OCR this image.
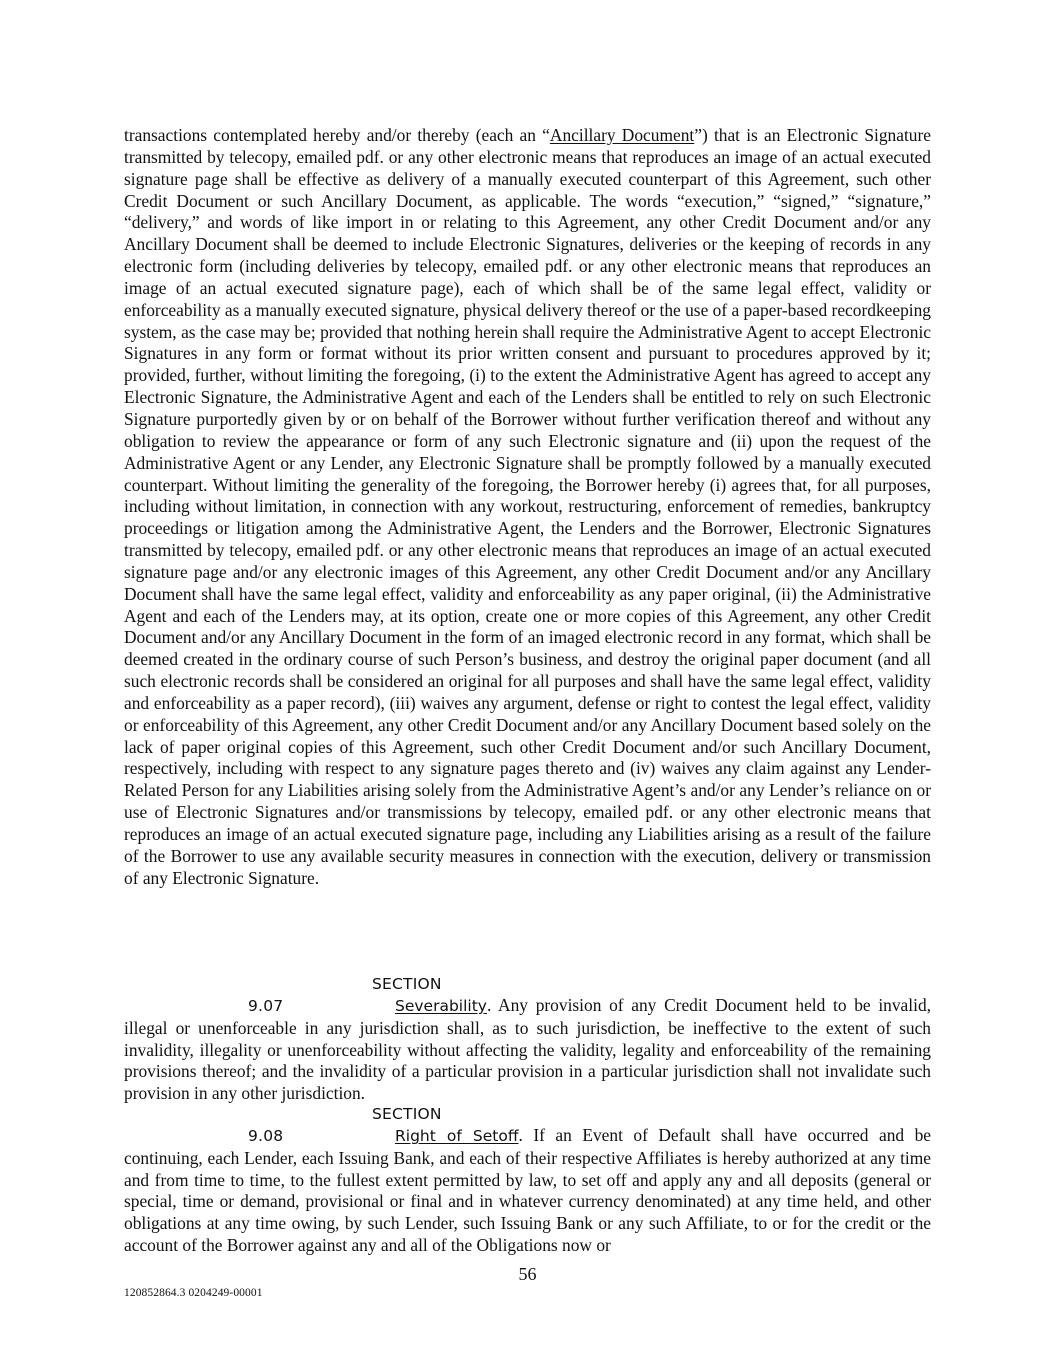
transactions contemplated hereby and/or thereby (each an “Ancillary Document”) that is an Electronic Signature transmitted by telecopy, emailed pdf. or any other electronic means that reproduces an image of an actual executed signature page shall be effective as delivery of a manually executed counterpart of this Agreement, such other Credit Document or such Ancillary Document, as applicable. The words “execution,” “signed,” “signature,” “delivery,” and words of like import in or relating to this Agreement, any other Credit Document and/or any Ancillary Document shall be deemed to include Electronic Signatures, deliveries or the keeping of records in any electronic form (including deliveries by telecopy, emailed pdf. or any other electronic means that reproduces an image of an actual executed signature page), each of which shall be of the same legal effect, validity or enforceability as a manually executed signature, physical delivery thereof or the use of a paper-based recordkeeping system, as the case may be; provided that nothing herein shall require the Administrative Agent to accept Electronic Signatures in any form or format without its prior written consent and pursuant to procedures approved by it; provided, further, without limiting the foregoing, (i) to the extent the Administrative Agent has agreed to accept any Electronic Signature, the Administrative Agent and each of the Lenders shall be entitled to rely on such Electronic Signature purportedly given by or on behalf of the Borrower without further verification thereof and without any obligation to review the appearance or form of any such Electronic signature and (ii) upon the request of the Administrative Agent or any Lender, any Electronic Signature shall be promptly followed by a manually executed counterpart. Without limiting the generality of the foregoing, the Borrower hereby (i) agrees that, for all purposes, including without limitation, in connection with any workout, restructuring, enforcement of remedies, bankruptcy proceedings or litigation among the Administrative Agent, the Lenders and the Borrower, Electronic Signatures transmitted by telecopy, emailed pdf. or any other electronic means that reproduces an image of an actual executed signature page and/or any electronic images of this Agreement, any other Credit Document and/or any Ancillary Document shall have the same legal effect, validity and enforceability as any paper original, (ii) the Administrative Agent and each of the Lenders may, at its option, create one or more copies of this Agreement, any other Credit Document and/or any Ancillary Document in the form of an imaged electronic record in any format, which shall be deemed created in the ordinary course of such Person’s business, and destroy the original paper document (and all such electronic records shall be considered an original for all purposes and shall have the same legal effect, validity and enforceability as a paper record), (iii) waives any argument, defense or right to contest the legal effect, validity or enforceability of this Agreement, any other Credit Document and/or any Ancillary Document based solely on the lack of paper original copies of this Agreement, such other Credit Document and/or such Ancillary Document, respectively, including with respect to any signature pages thereto and (iv) waives any claim against any Lender-Related Person for any Liabilities arising solely from the Administrative Agent’s and/or any Lender’s reliance on or use of Electronic Signatures and/or transmissions by telecopy, emailed pdf. or any other electronic means that reproduces an image of an actual executed signature page, including any Liabilities arising as a result of the failure of the Borrower to use any available security measures in connection with the execution, delivery or transmission of any Electronic Signature.

SECTION 9.07	Severability. Any provision of any Credit Document held to be invalid, illegal or unenforceable in any jurisdiction shall, as to such jurisdiction, be ineffective to the extent of such invalidity, illegality or unenforceability without affecting the validity, legality and enforceability of the remaining provisions thereof; and the invalidity of a particular provision in a particular jurisdiction shall not invalidate such provision in any other jurisdiction.

SECTION 9.08	Right of Setoff. If an Event of Default shall have occurred and be continuing, each Lender, each Issuing Bank, and each of their respective Affiliates is hereby authorized at any time and from time to time, to the fullest extent permitted by law, to set off and apply any and all deposits (general or special, time or demand, provisional or final and in whatever currency denominated) at any time held, and other obligations at any time owing, by such Lender, such Issuing Bank or any such Affiliate, to or for the credit or the account of the Borrower against any and all of the Obligations now or

56
120852864.3 0204249-00001
